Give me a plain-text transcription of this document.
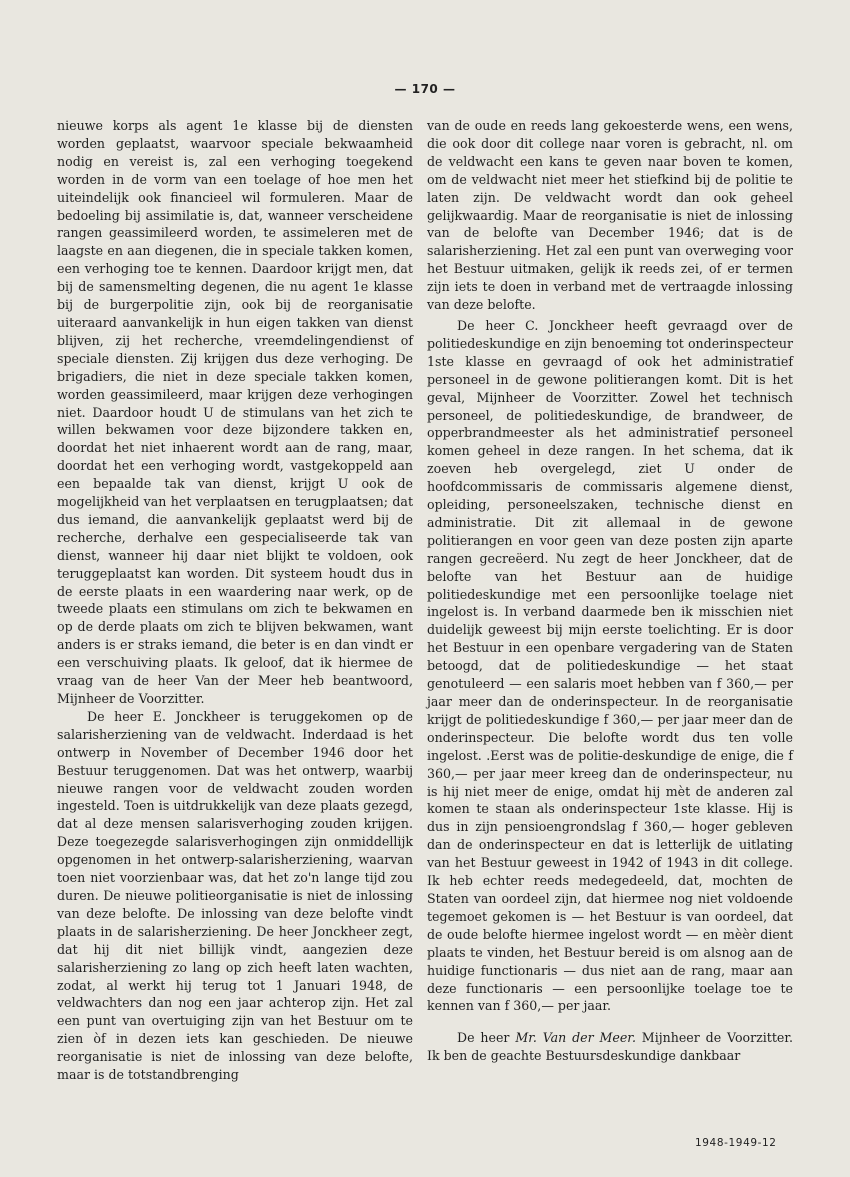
— 170 —

nieuwe korps als agent 1e klasse bij de diensten worden geplaatst, waarvoor speciale bekwaamheid nodig en vereist is, zal een verhoging toegekend worden in de vorm van een toelage of hoe men het uiteindelijk ook financieel wil formuleren. Maar de bedoeling bij assimilatie is, dat, wanneer verscheidene rangen geassimileerd worden, te assimeleren met de laagste en aan diegenen, die in speciale takken komen, een verhoging toe te kennen. Daardoor krijgt men, dat bij de samensmelting degenen, die nu agent 1e klasse bij de burgerpolitie zijn, ook bij de reorganisatie uiteraard aanvankelijk in hun eigen takken van dienst blijven, zij het recherche, vreemdelingendienst of speciale diensten. Zij krijgen dus deze verhoging. De brigadiers, die niet in deze speciale takken komen, worden geassimileerd, maar krijgen deze verhogingen niet. Daardoor houdt U de stimulans van het zich te willen bekwamen voor deze bijzondere takken en, doordat het niet inhaerent wordt aan de rang, maar, doordat het een verhoging wordt, vastgekoppeld aan een bepaalde tak van dienst, krijgt U ook de mogelijkheid van het verplaatsen en terugplaatsen; dat dus iemand, die aanvankelijk geplaatst werd bij de recherche, derhalve een gespecialiseerde tak van dienst, wanneer hij daar niet blijkt te voldoen, ook teruggeplaatst kan worden. Dit systeem houdt dus in de eerste plaats in een waardering naar werk, op de tweede plaats een stimulans om zich te bekwamen en op de derde plaats om zich te blijven bekwamen, want anders is er straks iemand, die beter is en dan vindt er een verschuiving plaats. Ik geloof, dat ik hiermee de vraag van de heer Van der Meer heb beantwoord, Mijnheer de Voorzitter.

De heer E. Jonckheer is teruggekomen op de salarisherziening van de veldwacht. Inderdaad is het ontwerp in November of December 1946 door het Bestuur teruggenomen. Dat was het ontwerp, waarbij nieuwe rangen voor de veldwacht zouden worden ingesteld. Toen is uitdrukkelijk van deze plaats gezegd, dat al deze mensen salarisverhoging zouden krijgen. Deze toegezegde salarisverhogingen zijn onmiddellijk opgenomen in het ontwerp-salarisherziening, waarvan toen niet voorzienbaar was, dat het zo'n lange tijd zou duren. De nieuwe politieorganisatie is niet de inlossing van deze belofte. De inlossing van deze belofte vindt plaats in de salarisherziening. De heer Jonckheer zegt, dat hij dit niet billijk vindt, aangezien deze salarisherziening zo lang op zich heeft laten wachten, zodat, al werkt hij terug tot 1 Januari 1948, de veldwachters dan nog een jaar achterop zijn. Het zal een punt van overtuiging zijn van het Bestuur om te zien òf in dezen iets kan geschieden. De nieuwe reorganisatie is niet de inlossing van deze belofte, maar is de totstandbrenging

van de oude en reeds lang gekoesterde wens, een wens, die ook door dit college naar voren is gebracht, nl. om de veldwacht een kans te geven naar boven te komen, om de veldwacht niet meer het stiefkind bij de politie te laten zijn. De veldwacht wordt dan ook geheel gelijkwaardig. Maar de reorganisatie is niet de inlossing van de belofte van December 1946; dat is de salarisherziening. Het zal een punt van overweging voor het Bestuur uitmaken, gelijk ik reeds zei, of er termen zijn iets te doen in verband met de vertraagde inlossing van deze belofte.

De heer C. Jonckheer heeft gevraagd over de politiedeskundige en zijn benoeming tot onderinspecteur 1ste klasse en gevraagd of ook het administratief personeel in de gewone politierangen komt. Dit is het geval, Mijnheer de Voorzitter. Zowel het technisch personeel, de politiedeskundige, de brandweer, de opperbrandmeester als het administratief personeel komen geheel in deze rangen. In het schema, dat ik zoeven heb overgelegd, ziet U onder de hoofdcommissaris de commissaris algemene dienst, opleiding, personeelszaken, technische dienst en administratie. Dit zit allemaal in de gewone politierangen en voor geen van deze posten zijn aparte rangen gecreëerd. Nu zegt de heer Jonckheer, dat de belofte van het Bestuur aan de huidige politiedeskundige met een persoonlijke toelage niet ingelost is. In verband daarmede ben ik misschien niet duidelijk geweest bij mijn eerste toelichting. Er is door het Bestuur in een openbare vergadering van de Staten betoogd, dat de politiedeskundige — het staat genotuleerd — een salaris moet hebben van f 360,— per jaar meer dan de onderinspecteur. In de reorganisatie krijgt de politiedeskundige f 360,— per jaar meer dan de onderinspecteur. Die belofte wordt dus ten volle ingelost. .Eerst was de politie-deskundige de enige, die f 360,— per jaar meer kreeg dan de onderinspecteur, nu is hij niet meer de enige, omdat hij mèt de anderen zal komen te staan als onderinspecteur 1ste klasse. Hij is dus in zijn pensioengrondslag f 360,— hoger gebleven dan de onderinspecteur en dat is letterlijk de uitlating van het Bestuur geweest in 1942 of 1943 in dit college. Ik heb echter reeds medegedeeld, dat, mochten de Staten van oordeel zijn, dat hiermee nog niet voldoende tegemoet gekomen is — het Bestuur is van oordeel, dat de oude belofte hiermee ingelost wordt — en mèèr dient plaats te vinden, het Bestuur bereid is om alsnog aan de huidige functionaris — dus niet aan de rang, maar aan deze functionaris — een persoonlijke toelage toe te kennen van f 360,— per jaar.

De heer Mr. Van der Meer. Mijnheer de Voorzitter. Ik ben de geachte Bestuursdeskundige dankbaar

1948-1949-12
